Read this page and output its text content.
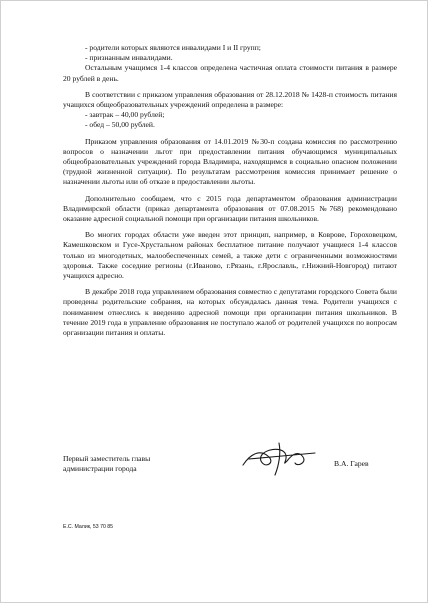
- родители которых являются инвалидами I и II групп;

- признанным инвалидами.

Остальным учащимся 1-4 классов определена частичная оплата стоимости питания в размере 20 рублей в день.

В соответствии с приказом управления образования от 28.12.2018 № 1428-п стоимость питания учащихся общеобразовательных учреждений определена в размере:

- завтрак – 40,00 рублей;

- обед – 50,00 рублей.

Приказом управления образования от 14.01.2019 №30-п создана комиссия по рассмотрению вопросов о назначении льгот при предоставлении питания обучающимся муниципальных общеобразовательных учреждений города Владимира, находящимся в социально опасном положении (трудной жизненной ситуации). По результатам рассмотрения комиссия принимает решение о назначении льготы или об отказе в предоставлении льготы.

Дополнительно сообщаем, что с 2015 года департаментом образования администрации Владимирской области (приказ департамента образования от 07.08.2015 №768) рекомендовано оказание адресной социальной помощи при организации питания школьников.

Во многих городах области уже введен этот принцип, например, в Коврове, Гороховецком, Камешковском и Гусе-Хрустальном районах бесплатное питание получают учащиеся 1-4 классов только из многодетных, малообеспеченных семей, а также дети с ограниченными возможностями здоровья. Также соседние регионы (г.Иваново, г.Рязань, г.Ярославль, г.Нижний-Новгород) питают учащихся адресно.

В декабре 2018 года управлением образования совместно с депутатами городского Совета были проведены родительские собрания, на которых обсуждалась данная тема. Родители учащихся с пониманием отнеслись к введению адресной помощи при организации питания школьников. В течение 2019 года в управление образования не поступало жалоб от родителей учащихся по вопросам организации питания и оплаты.

Первый заместитель главы
администрации города
В.А. Гарев
Е.С. Малик, 53 70 85
